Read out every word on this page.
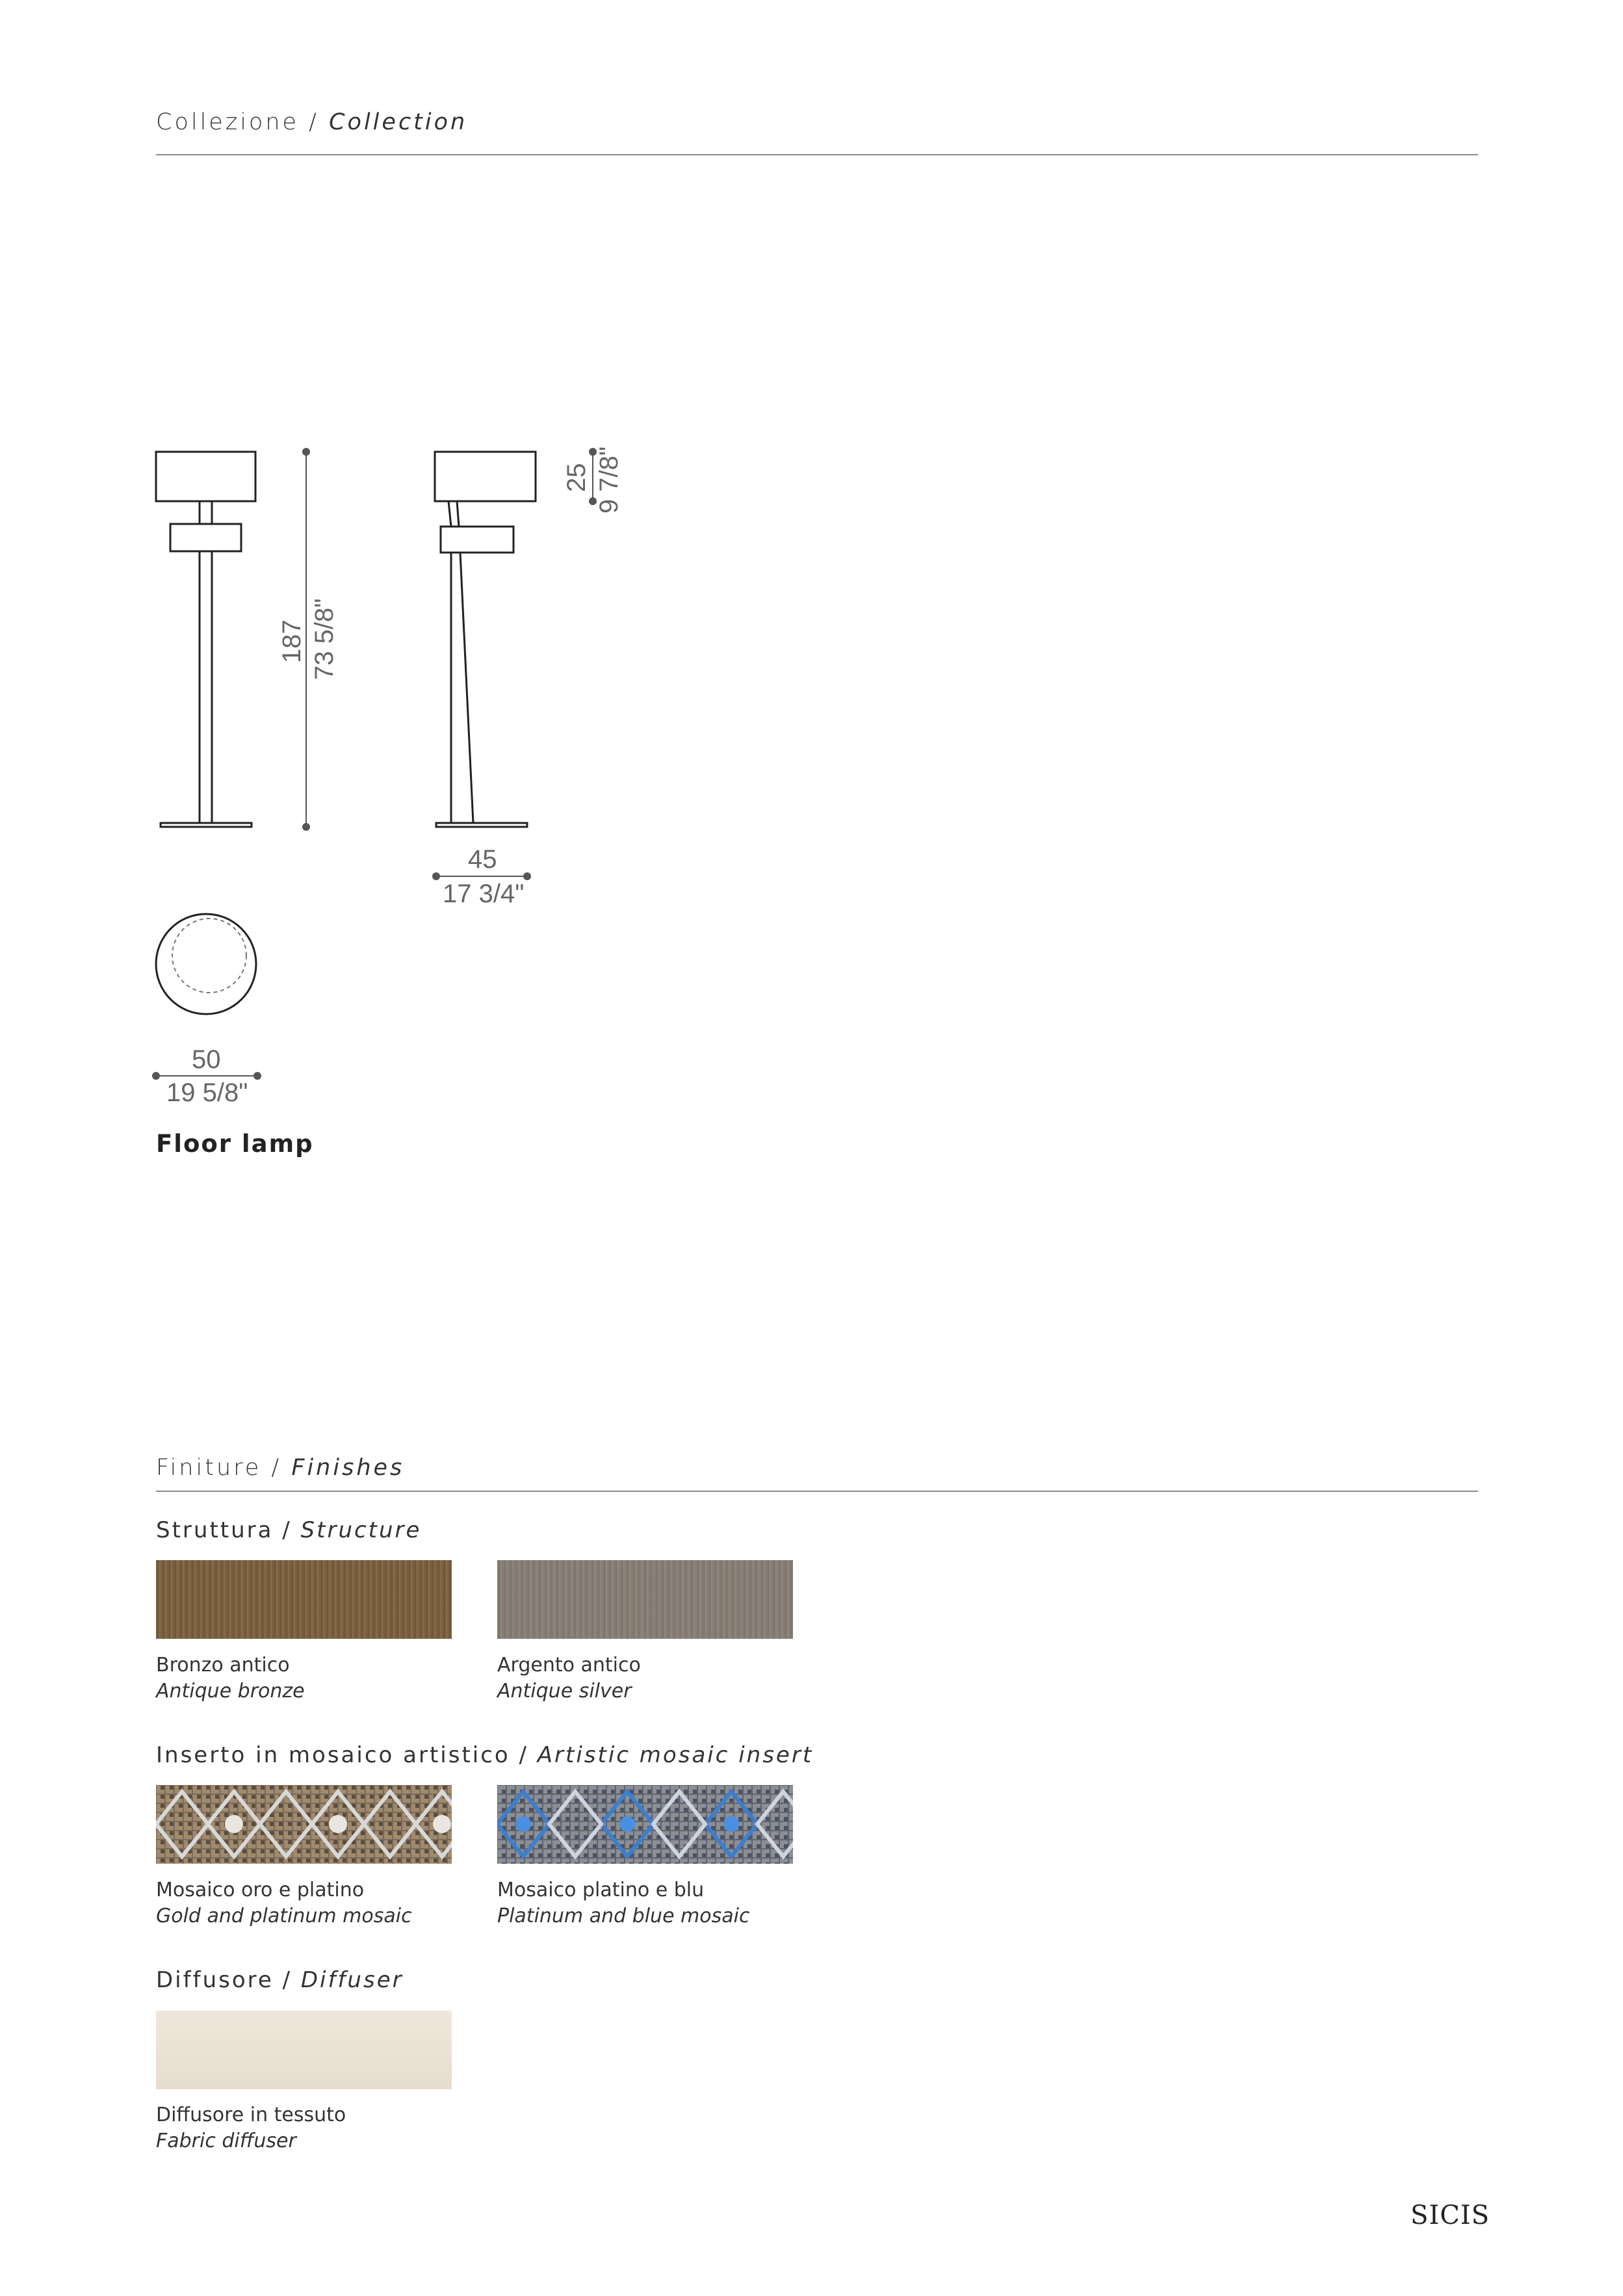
Collezione / Collection
187 73 5/8"
25 9 7/8"
45
17 3/4"
50
19 5/8"
Floor lamp
Finiture / Finishes
Struttura / Structure
Bronzo antico
Antique bronze
Argento antico
Antique silver
Inserto in mosaico artistico / Artistic mosaic insert
Mosaico oro e platino
Gold and platinum mosaic
Mosaico platino e blu
Platinum and blue mosaic
Diffusore / Diffuser
Diffusore in tessuto
Fabric diffuser
SICIS
